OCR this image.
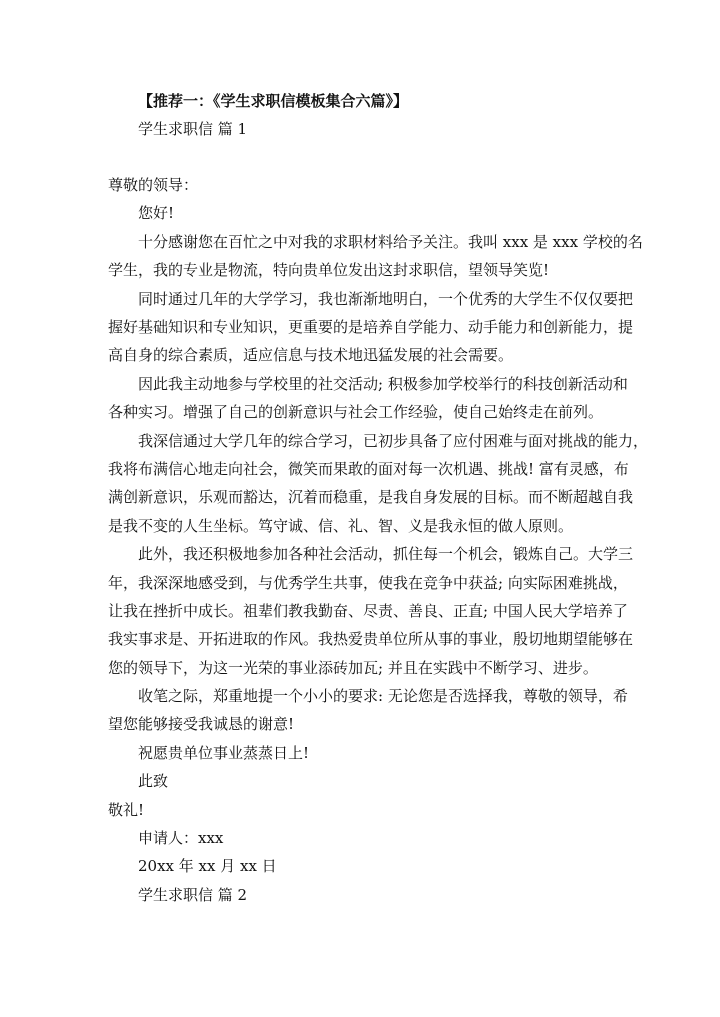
【推荐一：《学生求职信模板集合六篇》】
学生求职信 篇 1
尊敬的领导：
您好!
十分感谢您在百忙之中对我的求职材料给予关注。我叫 xxx 是 xxx 学校的名
学生，我的专业是物流，特向贵单位发出这封求职信，望领导笑览!
同时通过几年的大学学习，我也渐渐地明白，一个优秀的大学生不仅仅要把
握好基础知识和专业知识，更重要的是培养自学能力、动手能力和创新能力，提
高自身的综合素质，适应信息与技术地迅猛发展的社会需要。
因此我主动地参与学校里的社交活动; 积极参加学校举行的科技创新活动和
各种实习。增强了自己的创新意识与社会工作经验，使自己始终走在前列。
我深信通过大学几年的综合学习，已初步具备了应付困难与面对挑战的能力，
我将布满信心地走向社会，微笑而果敢的面对每一次机遇、挑战! 富有灵感，布
满创新意识，乐观而豁达，沉着而稳重，是我自身发展的目标。而不断超越自我
是我不变的人生坐标。笃守诚、信、礼、智、义是我永恒的做人原则。
此外，我还积极地参加各种社会活动，抓住每一个机会，锻炼自己。大学三
年，我深深地感受到，与优秀学生共事，使我在竞争中获益; 向实际困难挑战，
让我在挫折中成长。祖辈们教我勤奋、尽责、善良、正直; 中国人民大学培养了
我实事求是、开拓进取的作风。我热爱贵单位所从事的事业，殷切地期望能够在
您的领导下，为这一光荣的事业添砖加瓦; 并且在实践中不断学习、进步。
收笔之际，郑重地提一个小小的要求: 无论您是否选择我，尊敬的领导，希
望您能够接受我诚恳的谢意!
祝愿贵单位事业蒸蒸日上!
此致
敬礼!
申请人：xxx
20xx 年 xx 月 xx 日
学生求职信 篇 2
